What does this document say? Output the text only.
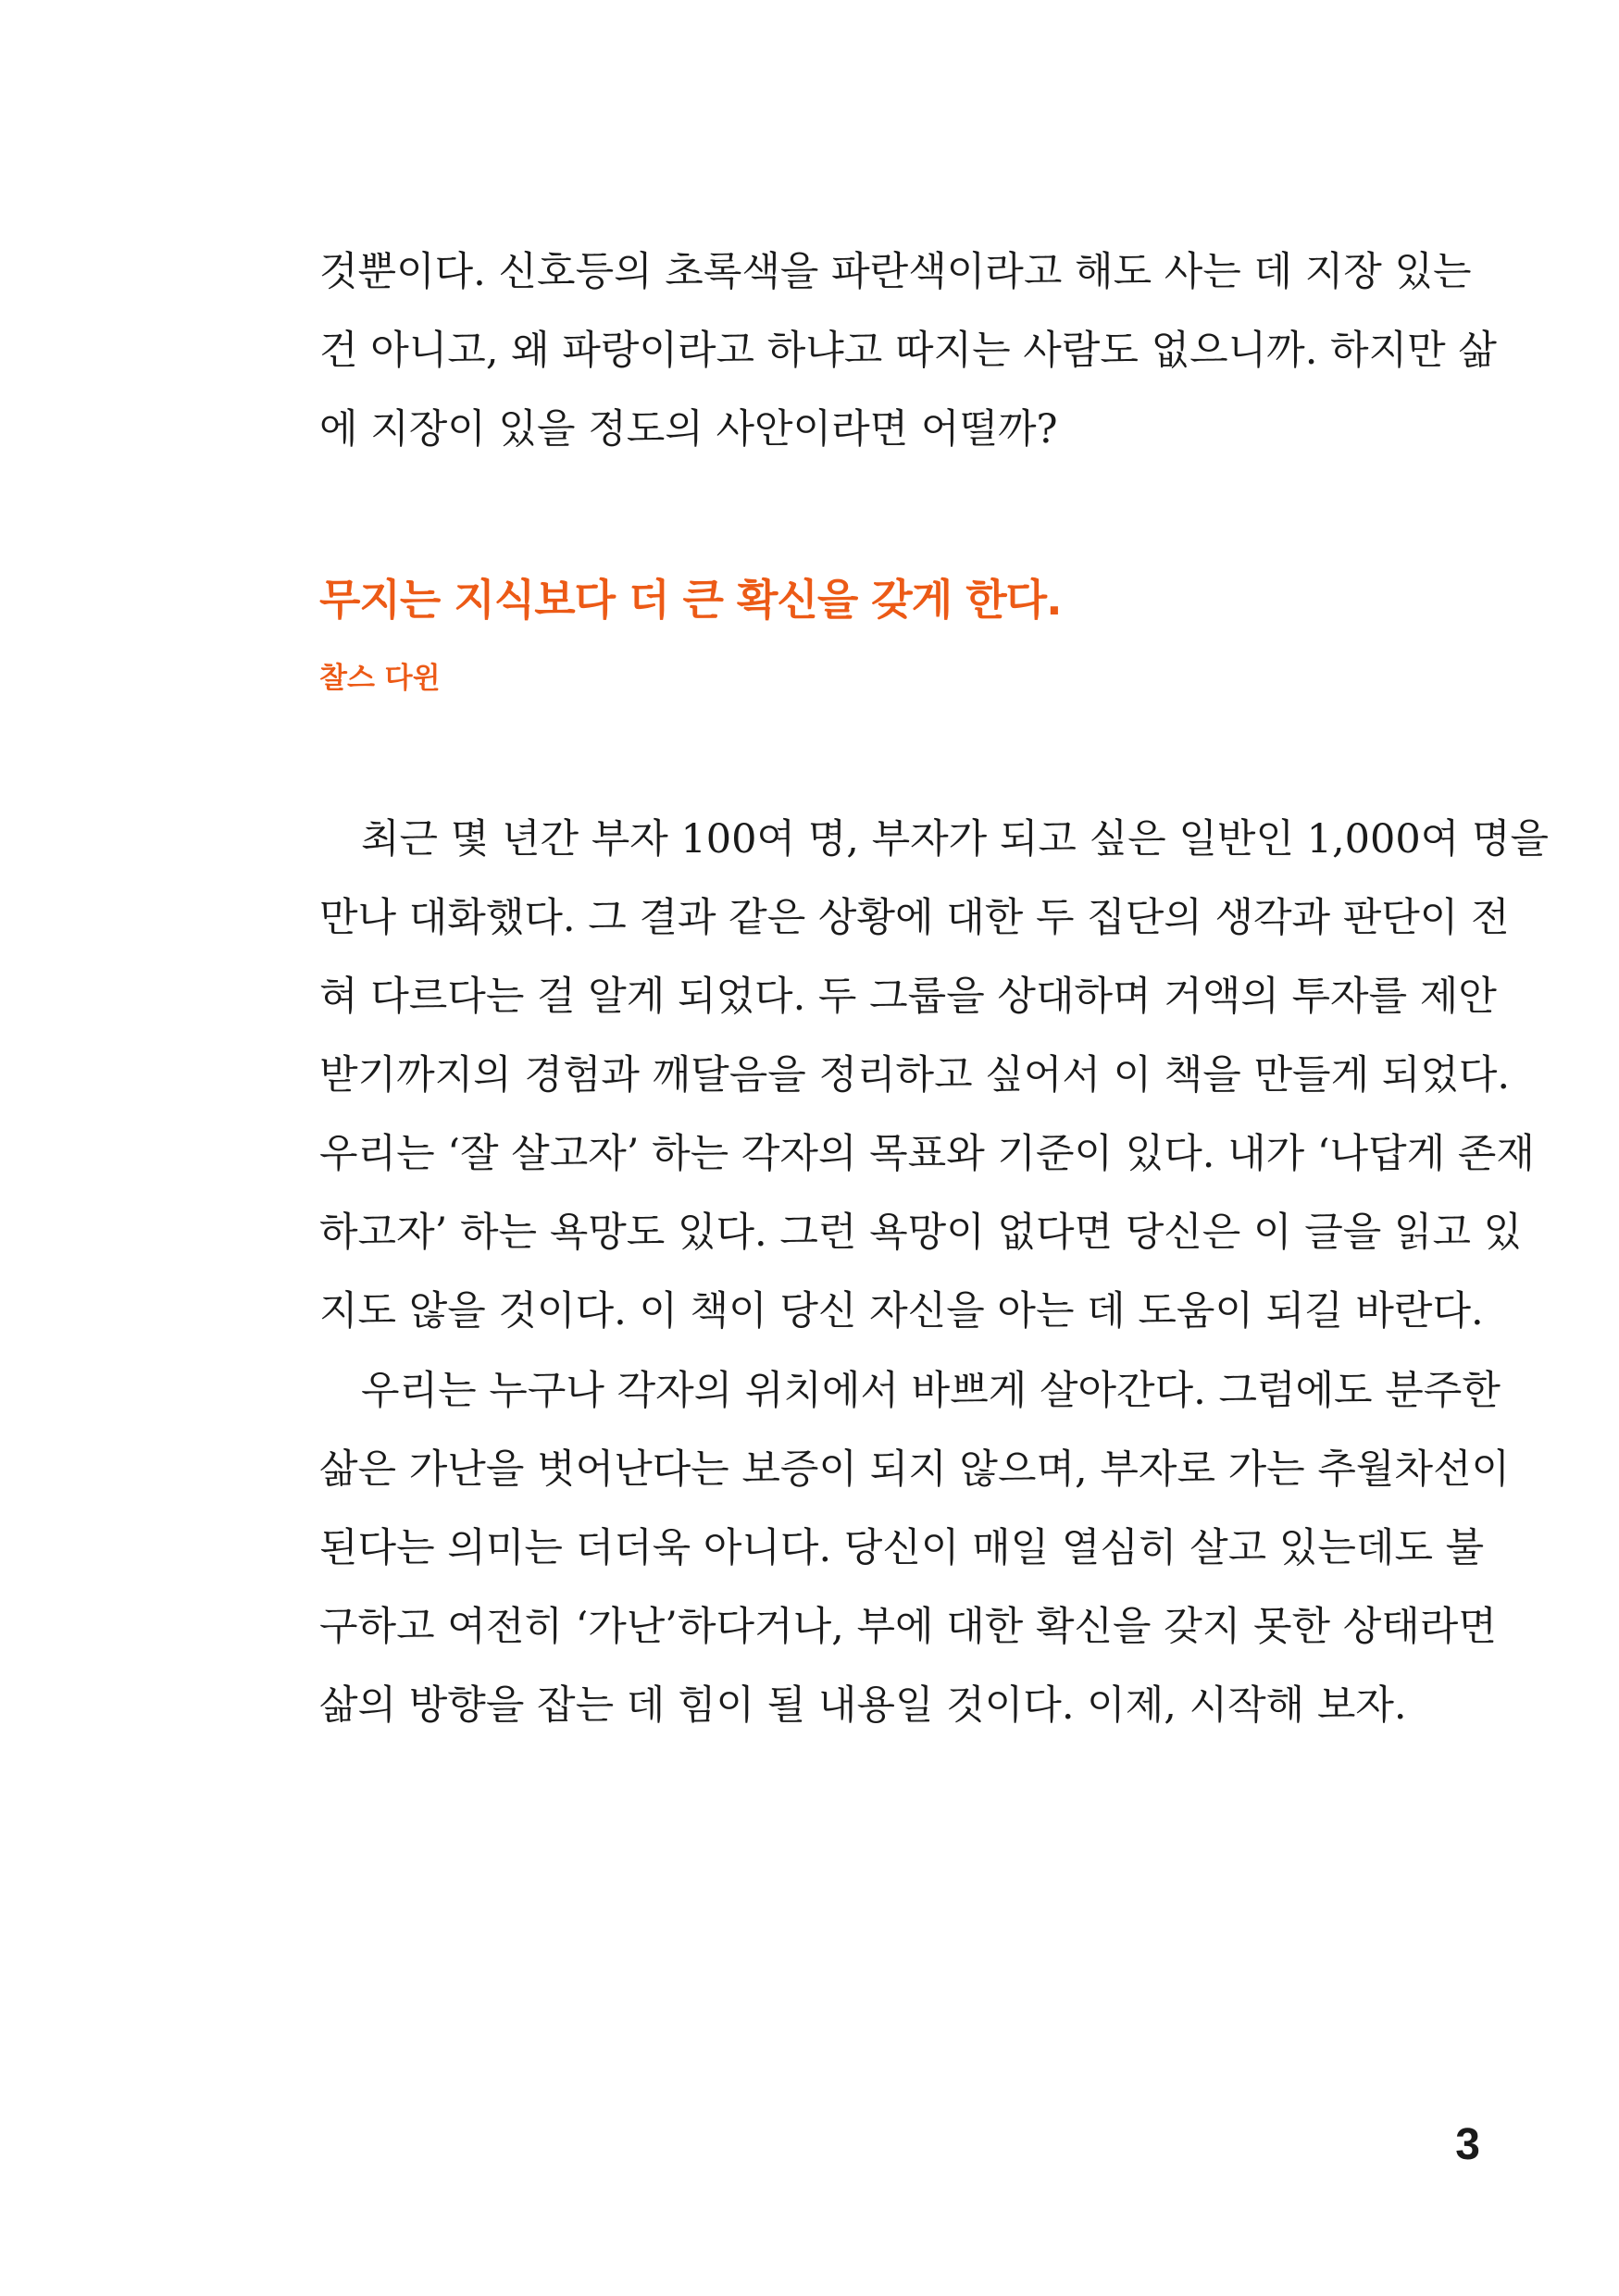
것뿐이다. 신호등의 초록색을 파란색이라고 해도 사는 데 지장 있는
건 아니고, 왜 파랑이라고 하냐고 따지는 사람도 없으니까. 하지만 삶
에 지장이 있을 정도의 사안이라면 어떨까?
무지는 지식보다 더 큰 확신을 갖게 한다.
찰스 다윈
최근 몇 년간 부자 100여 명, 부자가 되고 싶은 일반인 1,000여 명을
만나 대화했다. 그 결과 같은 상황에 대한 두 집단의 생각과 판단이 전
혀 다르다는 걸 알게 되었다. 두 그룹을 상대하며 거액의 투자를 제안
받기까지의 경험과 깨달음을 정리하고 싶어서 이 책을 만들게 되었다.
우리는 ‘잘 살고자’ 하는 각자의 목표와 기준이 있다. 내가 ‘나답게 존재
하고자’ 하는 욕망도 있다. 그런 욕망이 없다면 당신은 이 글을 읽고 있
지도 않을 것이다. 이 책이 당신 자신을 아는 데 도움이 되길 바란다.
우리는 누구나 각자의 위치에서 바쁘게 살아간다. 그럼에도 분주한
삶은 가난을 벗어난다는 보증이 되지 않으며, 부자로 가는 추월차선이
된다는 의미는 더더욱 아니다. 당신이 매일 열심히 살고 있는데도 불
구하고 여전히 ‘가난’하다거나, 부에 대한 확신을 갖지 못한 상태라면
삶의 방향을 잡는 데 힘이 될 내용일 것이다. 이제, 시작해 보자.
3
